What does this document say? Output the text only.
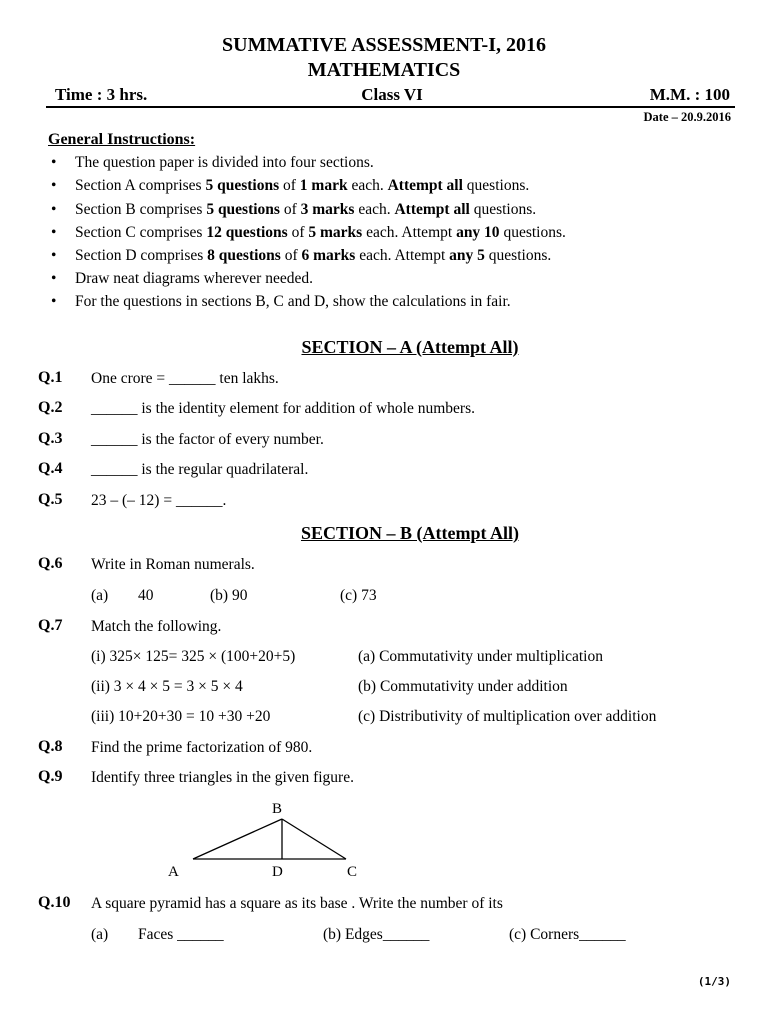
SUMMATIVE ASSESSMENT-I, 2016
MATHEMATICS
Time : 3 hrs.	Class VI	M.M. : 100
Date – 20.9.2016
General Instructions:
• The question paper is divided into four sections.
• Section A comprises 5 questions of 1 mark each. Attempt all questions.
• Section B comprises 5 questions of 3 marks each. Attempt all questions.
• Section C comprises 12 questions of 5 marks each. Attempt any 10 questions.
• Section D comprises 8 questions of 6 marks each. Attempt any 5 questions.
• Draw neat diagrams wherever needed.
• For the questions in sections B, C and D, show the calculations in fair.
SECTION – A (Attempt All)
Q.1 One crore = ______ ten lakhs.
Q.2 ______ is the identity element for addition of whole numbers.
Q.3 ______ is the factor of every number.
Q.4 ______ is the regular quadrilateral.
Q.5 23 – (– 12) = ______.
SECTION – B (Attempt All)
Q.6 Write in Roman numerals.
(a) 40	(b) 90	(c) 73
Q.7 Match the following.
(i) 325× 125= 325 × (100+20+5)	(a) Commutativity under multiplication
(ii) 3 × 4 × 5 = 3 × 5 × 4	(b) Commutativity under addition
(iii) 10+20+30 = 10 +30 +20	(c) Distributivity of multiplication over addition
Q.8 Find the prime factorization of 980.
Q.9 Identify three triangles in the given figure.
B
A	D	C
Q.10 A square pyramid has a square as its base . Write the number of its
(a) Faces ______	(b) Edges______	(c) Corners______
(1/3)
